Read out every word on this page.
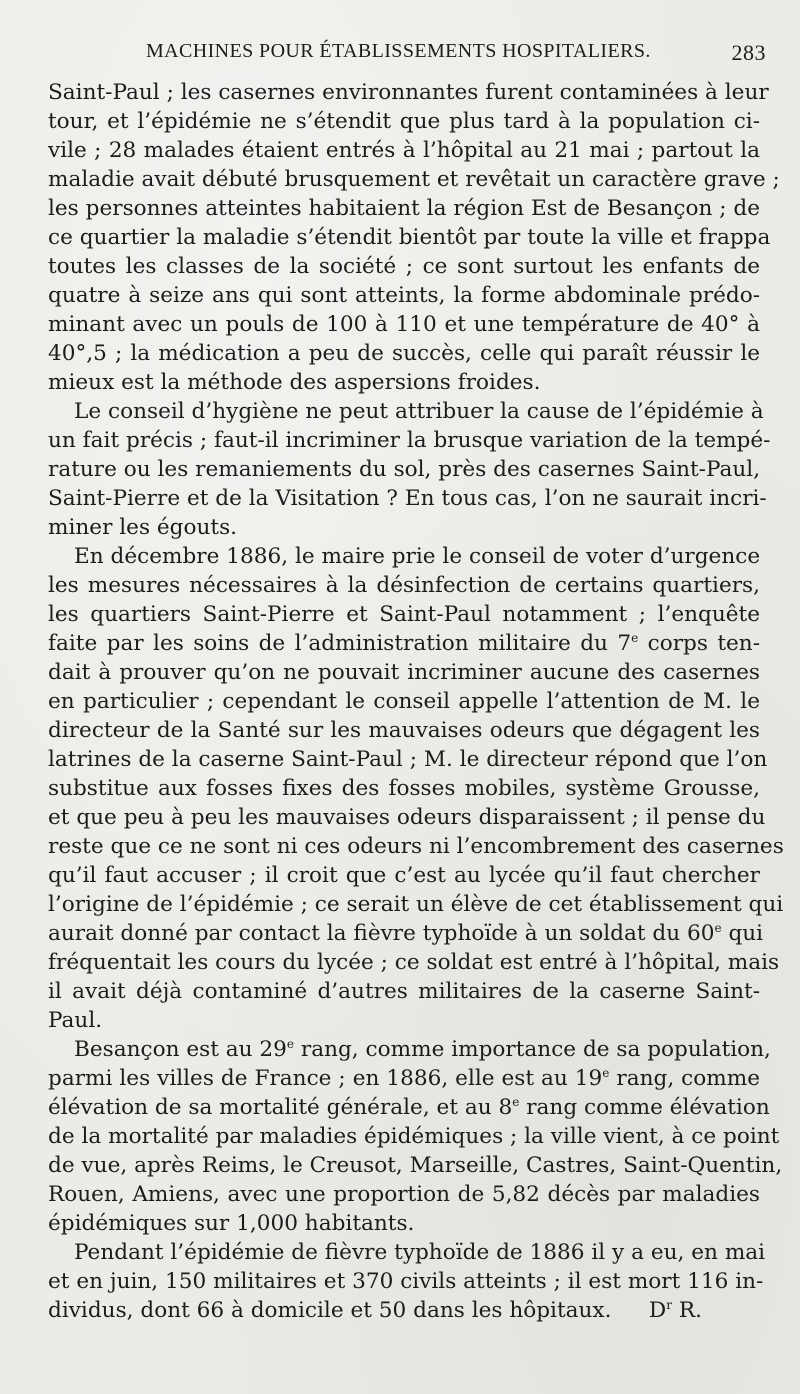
MACHINES POUR ÉTABLISSEMENTS HOSPITALIERS.	283
Saint-Paul ; les casernes environnantes furent contaminées à leur
tour, et l’épidémie ne s’étendit que plus tard à la population ci-
vile ; 28 malades étaient entrés à l’hôpital au 21 mai ; partout la
maladie avait débuté brusquement et revêtait un caractère grave ;
les personnes atteintes habitaient la région Est de Besançon ; de
ce quartier la maladie s’étendit bientôt par toute la ville et frappa
toutes les classes de la société ; ce sont surtout les enfants de
quatre à seize ans qui sont atteints, la forme abdominale prédo-
minant avec un pouls de 100 à 110 et une température de 40° à
40°,5 ; la médication a peu de succès, celle qui paraît réussir le
mieux est la méthode des aspersions froides.
Le conseil d’hygiène ne peut attribuer la cause de l’épidémie à
un fait précis ; faut-il incriminer la brusque variation de la tempé-
rature ou les remaniements du sol, près des casernes Saint-Paul,
Saint-Pierre et de la Visitation ? En tous cas, l’on ne saurait incri-
miner les égouts.
En décembre 1886, le maire prie le conseil de voter d’urgence
les mesures nécessaires à la désinfection de certains quartiers,
les quartiers Saint-Pierre et Saint-Paul notamment ; l’enquête
faite par les soins de l’administration militaire du 7e corps ten-
dait à prouver qu’on ne pouvait incriminer aucune des casernes
en particulier ; cependant le conseil appelle l’attention de M. le
directeur de la Santé sur les mauvaises odeurs que dégagent les
latrines de la caserne Saint-Paul ; M. le directeur répond que l’on
substitue aux fosses fixes des fosses mobiles, système Grousse,
et que peu à peu les mauvaises odeurs disparaissent ; il pense du
reste que ce ne sont ni ces odeurs ni l’encombrement des casernes
qu’il faut accuser ; il croit que c’est au lycée qu’il faut chercher
l’origine de l’épidémie ; ce serait un élève de cet établissement qui
aurait donné par contact la fièvre typhoïde à un soldat du 60e qui
fréquentait les cours du lycée ; ce soldat est entré à l’hôpital, mais
il avait déjà contaminé d’autres militaires de la caserne Saint-
Paul.
Besançon est au 29e rang, comme importance de sa population,
parmi les villes de France ; en 1886, elle est au 19e rang, comme
élévation de sa mortalité générale, et au 8e rang comme élévation
de la mortalité par maladies épidémiques ; la ville vient, à ce point
de vue, après Reims, le Creusot, Marseille, Castres, Saint-Quentin,
Rouen, Amiens, avec une proportion de 5,82 décès par maladies
épidémiques sur 1,000 habitants.
Pendant l’épidémie de fièvre typhoïde de 1886 il y a eu, en mai
et en juin, 150 militaires et 370 civils atteints ; il est mort 116 in-
dividus, dont 66 à domicile et 50 dans les hôpitaux. $D^r$ R.
